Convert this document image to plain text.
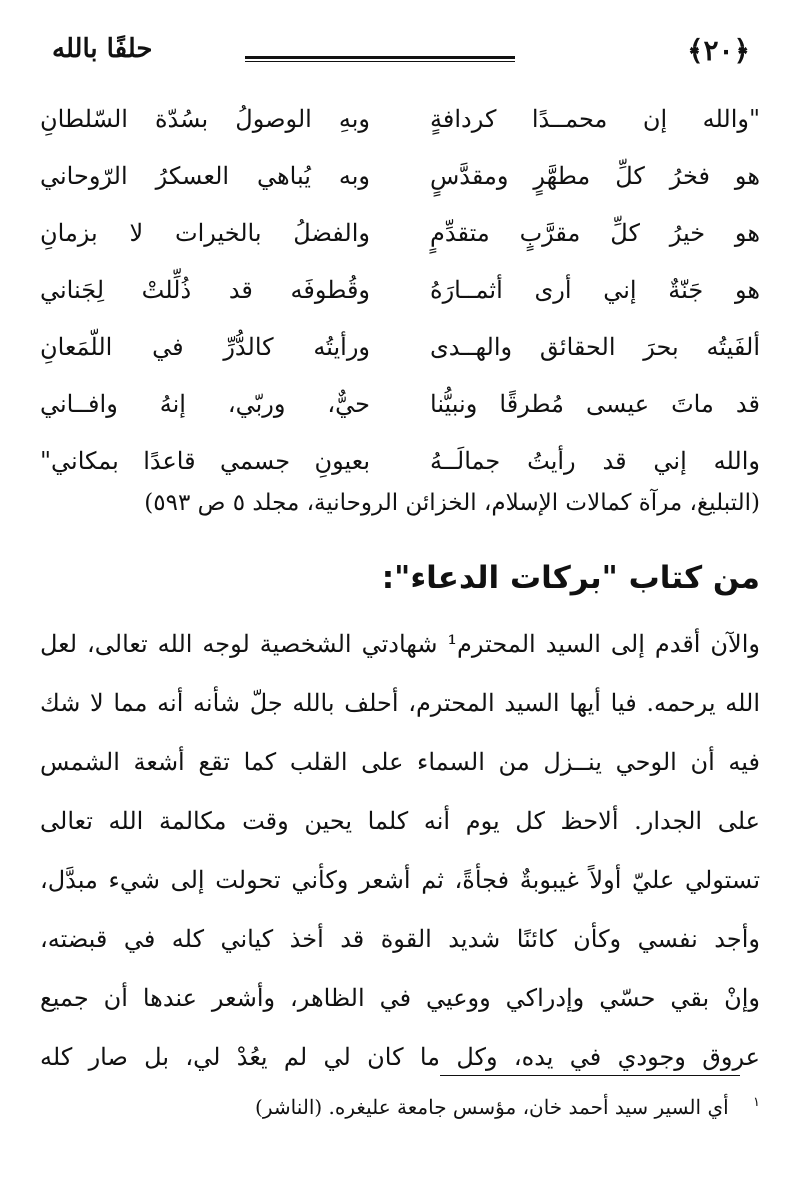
﴿٢٠﴾
حلفًا بالله
"والله إن محمــدًا كردافةٍ
وبهِ الوصولُ بسُدّة السّلطانِ
هو فخرُ كلِّ مطهَّرٍ ومقدَّسٍ
وبه يُباهي العسكرُ الرّوحاني
هو خيرُ كلِّ مقرَّبٍ متقدِّمٍ
والفضلُ بالخيرات لا بزمانِ
هو جَنّةٌ إني أرى أثمــارَهُ
وقُطوفَه قد ذُلِّلتْ لِجَناني
ألفَيتُه بحرَ الحقائق والهــدى
ورأيتُه كالدُّرِّ في اللّمَعانِ
قد ماتَ عيسى مُطرقًا ونبيُّنا
حيٌّ، وربّي، إنهُ وافــاني
والله إني قد رأيتُ جمالَــهُ
بعيونِ جسمي قاعدًا بمكاني"
(التبليغ، مرآة كمالات الإسلام، الخزائن الروحانية، مجلد ٥ ص ٥٩٣)
من كتاب "بركات الدعاء":
والآن أقدم إلى السيد المحترم¹ شهادتي الشخصية لوجه الله تعالى، لعل
الله يرحمه. فيا أيها السيد المحترم، أحلف بالله جلّ شأنه أنه مما لا شك
فيه أن الوحي ينــزل من السماء على القلب كما تقع أشعة الشمس
على الجدار. ألاحظ كل يوم أنه كلما يحين وقت مكالمة الله تعالى
تستولي عليّ أولاً غيبوبةٌ فجأةً، ثم أشعر وكأني تحولت إلى شيء مبدَّل،
وأجد نفسي وكأن كائنًا شديد القوة قد أخذ كياني كله في قبضته،
وإنْ بقي حسّي وإدراكي ووعيي في الظاهر، وأشعر عندها أن جميع
عروق وجودي في يده، وكل ما كان لي لم يعُدْ لي، بل صار كله
$^١$ أي السير سيد أحمد خان، مؤسس جامعة عليغره. (الناشر)
